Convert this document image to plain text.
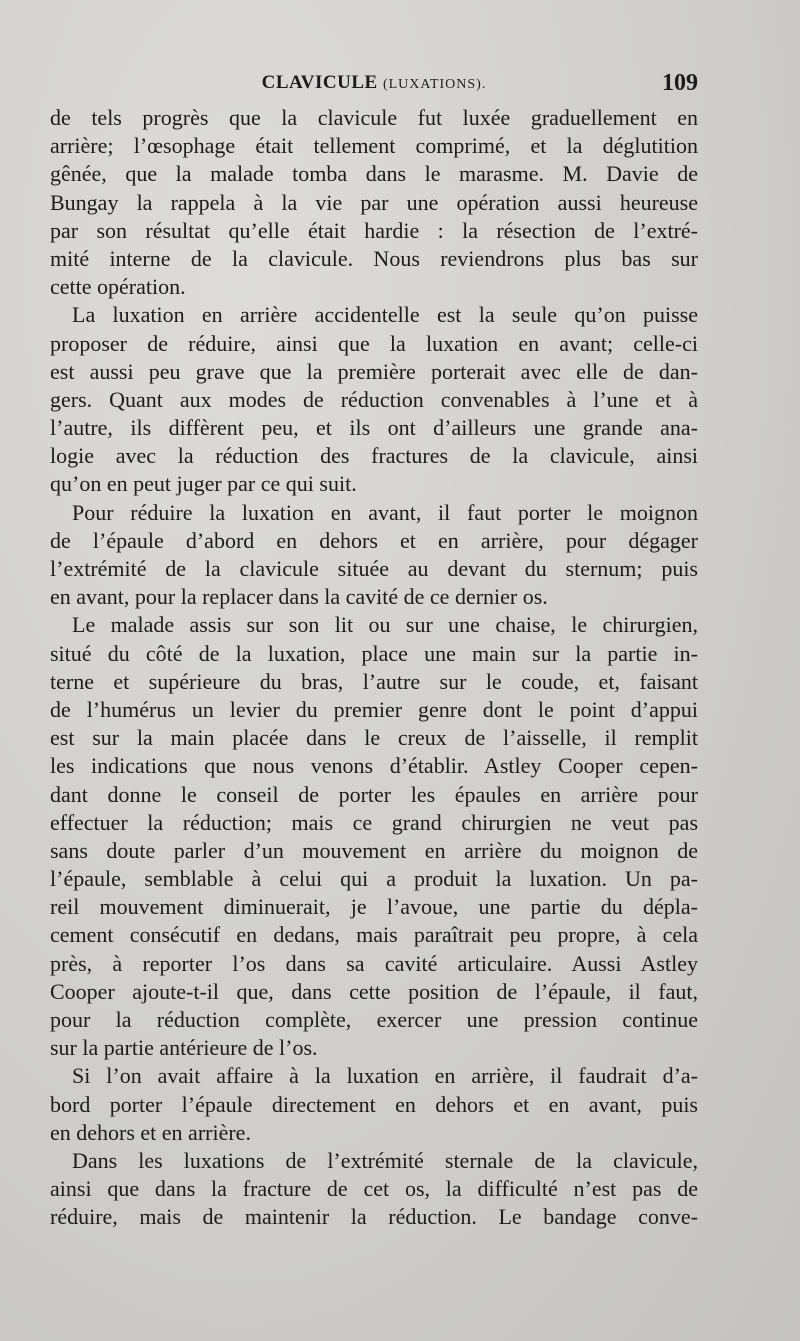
CLAVICULE (LUXATIONS).	109
de tels progrès que la clavicule fut luxée graduellement en
arrière; l’œsophage était tellement comprimé, et la déglutition
gênée, que la malade tomba dans le marasme. M. Davie de
Bungay la rappela à la vie par une opération aussi heureuse
par son résultat qu’elle était hardie : la résection de l’extré-
mité interne de la clavicule. Nous reviendrons plus bas sur
cette opération.
La luxation en arrière accidentelle est la seule qu’on puisse
proposer de réduire, ainsi que la luxation en avant; celle-ci
est aussi peu grave que la première porterait avec elle de dan-
gers. Quant aux modes de réduction convenables à l’une et à
l’autre, ils diffèrent peu, et ils ont d’ailleurs une grande ana-
logie avec la réduction des fractures de la clavicule, ainsi
qu’on en peut juger par ce qui suit.
Pour réduire la luxation en avant, il faut porter le moignon
de l’épaule d’abord en dehors et en arrière, pour dégager
l’extrémité de la clavicule située au devant du sternum; puis
en avant, pour la replacer dans la cavité de ce dernier os.
Le malade assis sur son lit ou sur une chaise, le chirurgien,
situé du côté de la luxation, place une main sur la partie in-
terne et supérieure du bras, l’autre sur le coude, et, faisant
de l’humérus un levier du premier genre dont le point d’appui
est sur la main placée dans le creux de l’aisselle, il remplit
les indications que nous venons d’établir. Astley Cooper cepen-
dant donne le conseil de porter les épaules en arrière pour
effectuer la réduction; mais ce grand chirurgien ne veut pas
sans doute parler d’un mouvement en arrière du moignon de
l’épaule, semblable à celui qui a produit la luxation. Un pa-
reil mouvement diminuerait, je l’avoue, une partie du dépla-
cement consécutif en dedans, mais paraîtrait peu propre, à cela
près, à reporter l’os dans sa cavité articulaire. Aussi Astley
Cooper ajoute-t-il que, dans cette position de l’épaule, il faut,
pour la réduction complète, exercer une pression continue
sur la partie antérieure de l’os.
Si l’on avait affaire à la luxation en arrière, il faudrait d’a-
bord porter l’épaule directement en dehors et en avant, puis
en dehors et en arrière.
Dans les luxations de l’extrémité sternale de la clavicule,
ainsi que dans la fracture de cet os, la difficulté n’est pas de
réduire, mais de maintenir la réduction. Le bandage conve-
